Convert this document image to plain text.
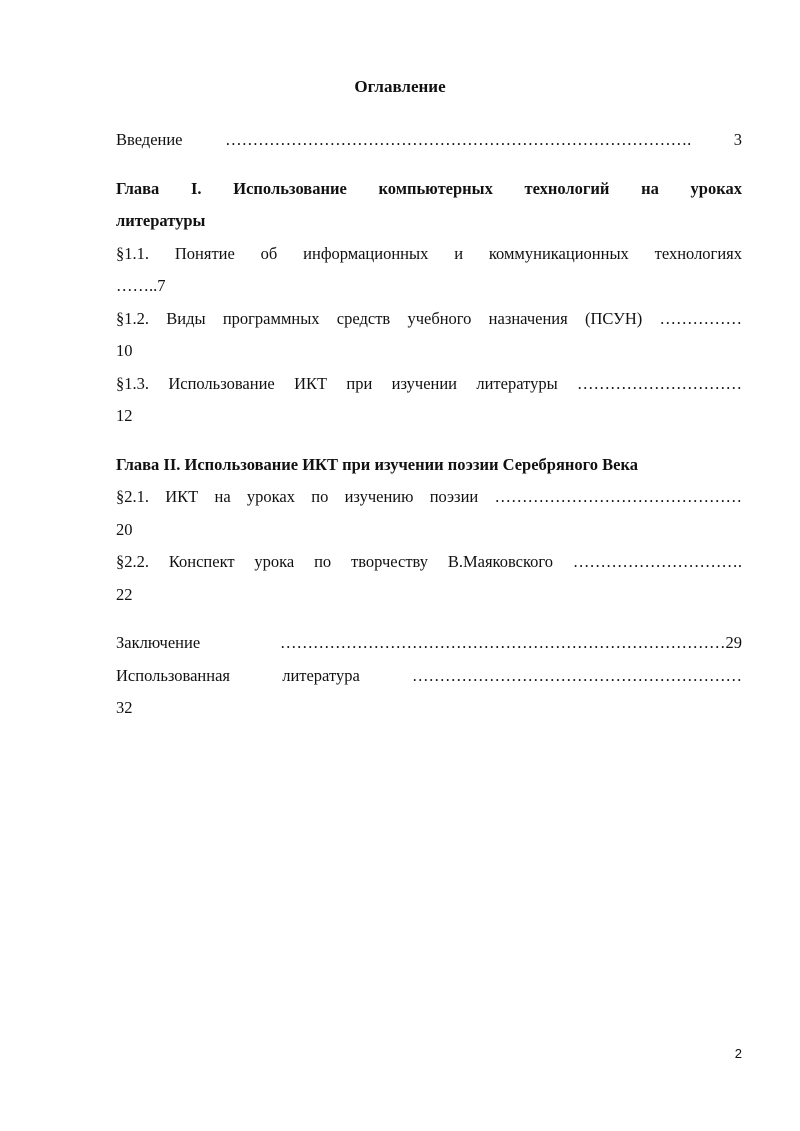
Оглавление
Введение	…………………………………………………………………………. 3
Глава I. Использование компьютерных технологий на уроках
литературы
§1.1. Понятие об информационных и коммуникационных технологиях
……..7
§1.2. Виды программных средств учебного назначения (ПСУН) ……………
10
§1.3. Использование ИКТ при изучении литературы …………………………
12
Глава II. Использование ИКТ при изучении поэзии Серебряного Века
§2.1. ИКТ на уроках по изучению поэзии ………………………………………
20
§2.2. Конспект урока по творчеству В.Маяковского ………………………….
22
Заключение	………………………………………………………………………29
Использованная литература ……………………………………………………
32
2
